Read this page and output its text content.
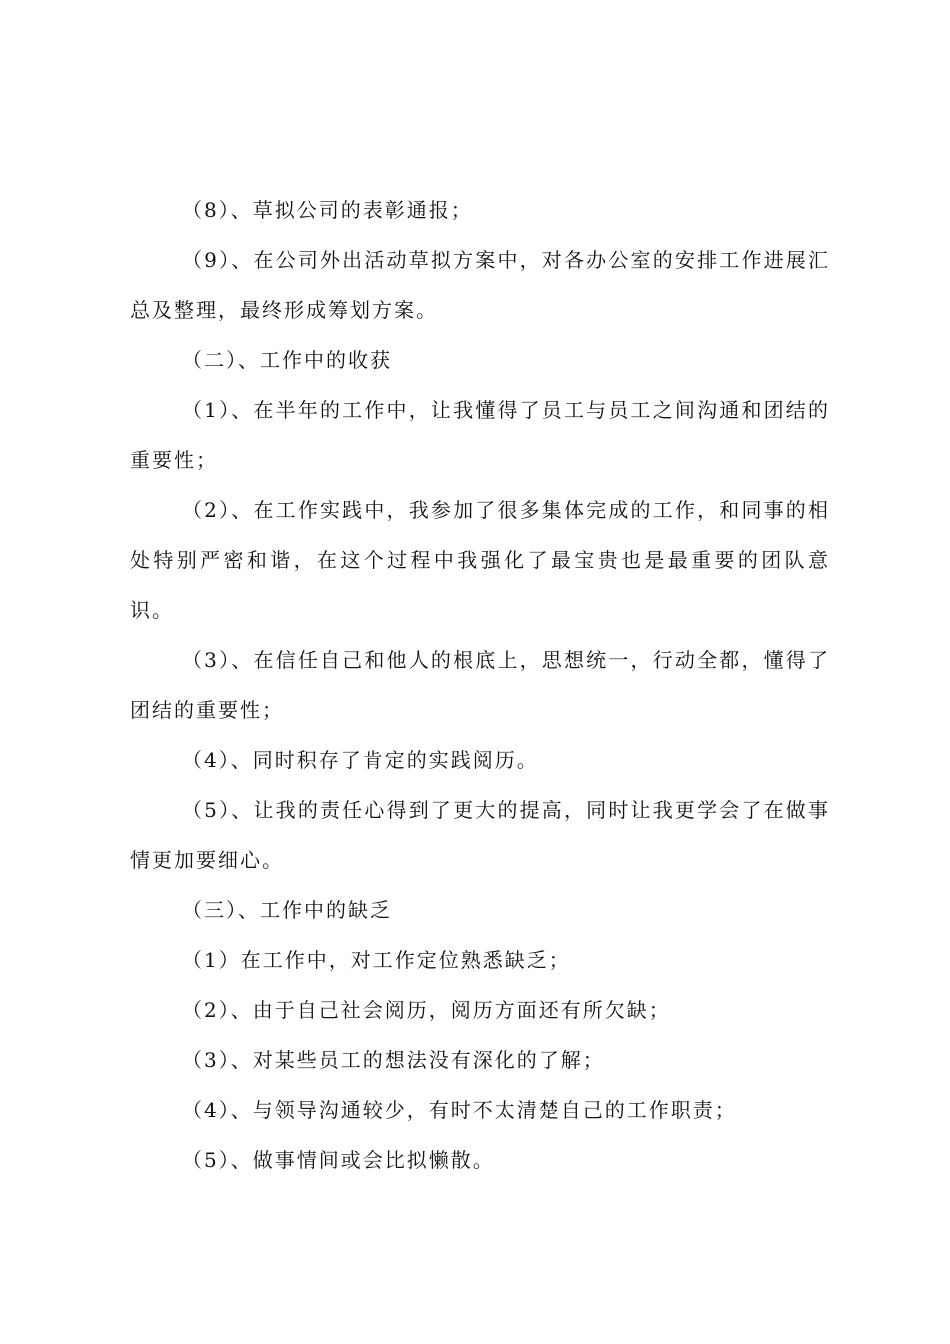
（8）、草拟公司的表彰通报；

（9）、在公司外出活动草拟方案中，对各办公室的安排工作进展汇总及整理，最终形成筹划方案。

（二）、工作中的收获

（1）、在半年的工作中，让我懂得了员工与员工之间沟通和团结的重要性；

（2）、在工作实践中，我参加了很多集体完成的工作，和同事的相处特别严密和谐，在这个过程中我强化了最宝贵也是最重要的团队意识。

（3）、在信任自己和他人的根底上，思想统一，行动全都，懂得了团结的重要性；

（4）、同时积存了肯定的实践阅历。

（5）、让我的责任心得到了更大的提高，同时让我更学会了在做事情更加要细心。

（三）、工作中的缺乏

（1）在工作中，对工作定位熟悉缺乏；

（2）、由于自己社会阅历，阅历方面还有所欠缺；

（3）、对某些员工的想法没有深化的了解；

（4）、与领导沟通较少，有时不太清楚自己的工作职责；

（5）、做事情间或会比拟懒散。
